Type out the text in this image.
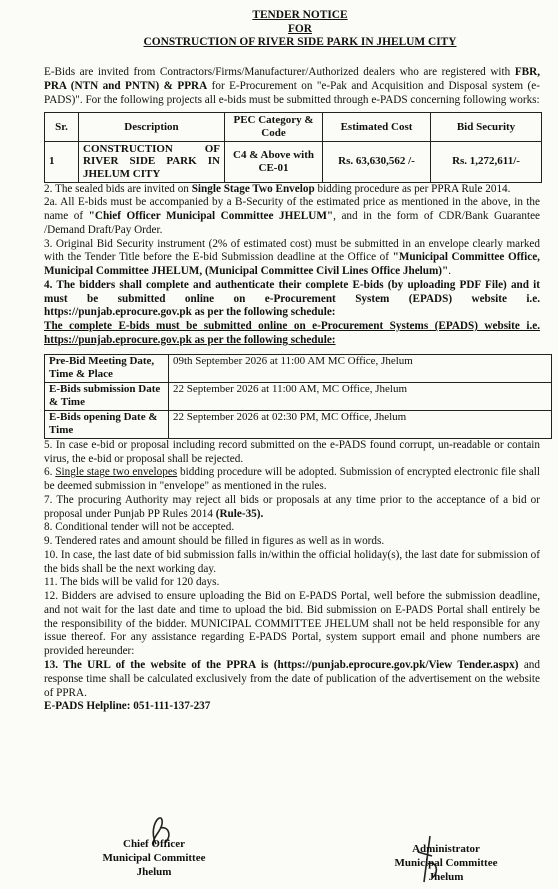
TENDER NOTICE
FOR
CONSTRUCTION OF RIVER SIDE PARK IN JHELUM CITY

E-Bids are invited from Contractors/Firms/Manufacturer/Authorized dealers who are registered with FBR, PRA (NTN and PNTN) & PPRA for E-Procurement on "e-Pak and Acquisition and Disposal system (e-PADS)". For the following projects all e-bids must be submitted through e-PADS concerning following works:

Sr.	Description	PEC Category & Code	Estimated Cost	Bid Security
1	CONSTRUCTION OF RIVER SIDE PARK IN JHELUM CITY	C4 & Above with CE-01	Rs. 63,630,562 /-	Rs. 1,272,611/-

2. The sealed bids are invited on Single Stage Two Envelop bidding procedure as per PPRA Rule 2014.

2a. All E-bids must be accompanied by a B-Security of the estimated price as mentioned in the above, in the name of "Chief Officer Municipal Committee JHELUM", and in the form of CDR/Bank Guarantee /Demand Draft/Pay Order.

3. Original Bid Security instrument (2% of estimated cost) must be submitted in an envelope clearly marked with the Tender Title before the E-bid Submission deadline at the Office of "Municipal Committee Office, Municipal Committee JHELUM, (Municipal Committee Civil Lines Office Jhelum)".

4. The bidders shall complete and authenticate their complete E-bids (by uploading PDF File) and it must be submitted online on e-Procurement System (EPADS) website i.e. https://punjab.eprocure.gov.pk as per the following schedule:

The complete E-bids must be submitted online on e-Procurement Systems (EPADS) website i.e. https://punjab.eprocure.gov.pk as per the following schedule:

Pre-Bid Meeting Date, Time & Place	09th September 2026 at 11:00 AM MC Office, Jhelum
E-Bids submission Date & Time	22 September 2026 at 11:00 AM, MC Office, Jhelum
E-Bids opening Date & Time	22 September 2026 at 02:30 PM, MC Office, Jhelum

5. In case e-bid or proposal including record submitted on the e-PADS found corrupt, un-readable or contain virus, the e-bid or proposal shall be rejected.

6. Single stage two envelopes bidding procedure will be adopted. Submission of encrypted electronic file shall be deemed submission in "envelope" as mentioned in the rules.

7. The procuring Authority may reject all bids or proposals at any time prior to the acceptance of a bid or proposal under Punjab PP Rules 2014 (Rule-35).

8. Conditional tender will not be accepted.

9. Tendered rates and amount should be filled in figures as well as in words.

10. In case, the last date of bid submission falls in/within the official holiday(s), the last date for submission of the bids shall be the next working day.

11. The bids will be valid for 120 days.

12. Bidders are advised to ensure uploading the Bid on E-PADS Portal, well before the submission deadline, and not wait for the last date and time to upload the bid. Bid submission on E-PADS Portal shall entirely be the responsibility of the bidder. MUNICIPAL COMMITTEE JHELUM shall not be held responsible for any issue thereof. For any assistance regarding E-PADS Portal, system support email and phone numbers are provided hereunder:

13. The URL of the website of the PPRA is (https://punjab.eprocure.gov.pk/View Tender.aspx) and response time shall be calculated exclusively from the date of publication of the advertisement on the website of PPRA.

E-PADS Helpline: 051-111-137-237

Chief Officer
Municipal Committee
Jhelum
Administrator
Municipal Committee
Jhelum
